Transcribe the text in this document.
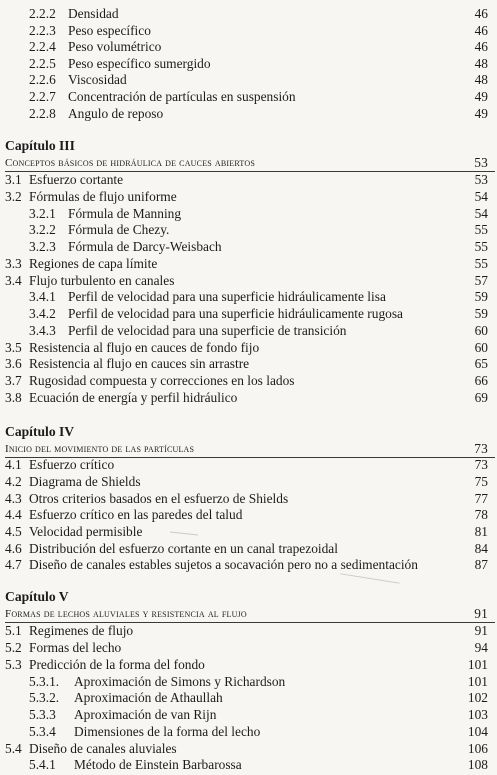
2.2.2 Densidad	46
2.2.3 Peso específico	46
2.2.4 Peso volumétrico	46
2.2.5 Peso específico sumergido	48
2.2.6 Viscosidad	48
2.2.7 Concentración de partículas en suspensión	49
2.2.8 Angulo de reposo	49
Capítulo III
Conceptos básicos de hidráulica de cauces abiertos	53
3.1 Esfuerzo cortante	53
3.2 Fórmulas de flujo uniforme	54
3.2.1 Fórmula de Manning	54
3.2.2 Fórmula de Chezy.	55
3.2.3 Fórmula de Darcy-Weisbach	55
3.3 Regiones de capa límite	55
3.4 Flujo turbulento en canales	57
3.4.1 Perfil de velocidad para una superficie hidráulicamente lisa	59
3.4.2 Perfil de velocidad para una superficie hidráulicamente rugosa	59
3.4.3 Perfil de velocidad para una superficie de transición	60
3.5 Resistencia al flujo en cauces de fondo fijo	60
3.6 Resistencia al flujo en cauces sin arrastre	65
3.7 Rugosidad compuesta y correcciones en los lados	66
3.8 Ecuación de energía y perfil hidráulico	69
Capítulo IV
Inicio del movimiento de las partículas	73
4.1 Esfuerzo crítico	73
4.2 Diagrama de Shields	75
4.3 Otros criterios basados en el esfuerzo de Shields	77
4.4 Esfuerzo crítico en las paredes del talud	78
4.5 Velocidad permisible	81
4.6 Distribución del esfuerzo cortante en un canal trapezoidal	84
4.7 Diseño de canales estables sujetos a socavación pero no a sedimentación	87
Capítulo V
Formas de lechos aluviales y resistencia al flujo	91
5.1 Regimenes de flujo	91
5.2 Formas del lecho	94
5.3 Predicción de la forma del fondo	101
5.3.1. Aproximación de Simons y Richardson	101
5.3.2. Aproximación de Athaullah	102
5.3.3 Aproximación de van Rijn	103
5.3.4 Dimensiones de la forma del lecho	104
5.4 Diseño de canales aluviales	106
5.4.1 Método de Einstein Barbarossa	108
